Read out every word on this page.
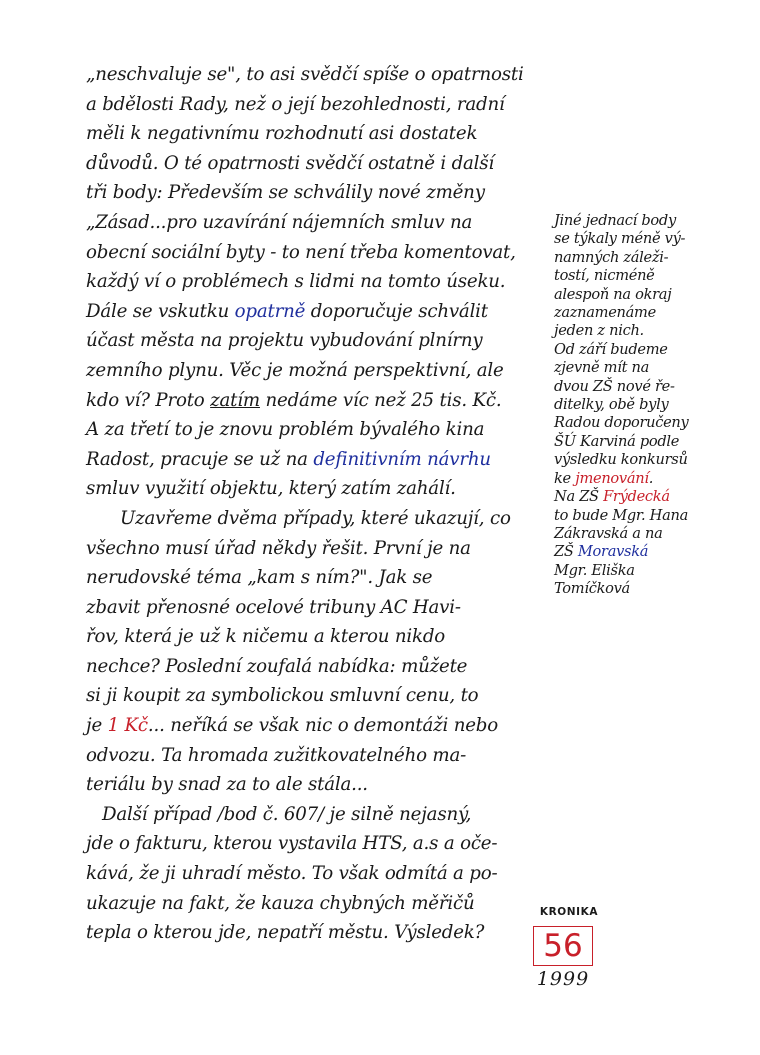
„neschvaluje se", to asi svědčí spíše o opatrnosti
a bdělosti Rady, než o její bezohlednosti, radní
měli k negativnímu rozhodnutí asi dostatek
důvodů. O té opatrnosti svědčí ostatně i další
tři body: Především se schválily nové změny
„Zásad...pro uzavírání nájemních smluv na
obecní sociální byty - to není třeba komentovat,
každý ví o problémech s lidmi na tomto úseku.
Dále se vskutku opatrně doporučuje schválit
účast města na projektu vybudování plnírny
zemního plynu. Věc je možná perspektivní, ale
kdo ví? Proto zatím nedáme víc než 25 tis. Kč.
A za třetí to je znovu problém bývalého kina
Radost, pracuje se už na definitivním návrhu
smluv využití objektu, který zatím zahálí.
Uzavřeme dvěma případy, které ukazují, co
všechno musí úřad někdy řešit. První je na
nerudovské téma „kam s ním?". Jak se
zbavit přenosné ocelové tribuny AC Havi-
řov, která je už k ničemu a kterou nikdo
nechce? Poslední zoufalá nabídka: můžete
si ji koupit za symbolickou smluvní cenu, to
je 1 Kč... neříká se však nic o demontáži nebo
odvozu. Ta hromada zužitkovatelného ma-
teriálu by snad za to ale stála...
Další případ /bod č. 607/ je silně nejasný,
jde o fakturu, kterou vystavila HTS, a.s a oče-
kává, že ji uhradí město. To však odmítá a po-
ukazuje na fakt, že kauza chybných měřičů
tepla o kterou jde, nepatří městu. Výsledek?
Jiné jednací body
se týkaly méně vý-
namných záleži-
tostí, nicméně
alespoň na okraj
zaznamenáme
jeden z nich.
Od září budeme
zjevně mít na
dvou ZŠ nové ře-
ditelky, obě byly
Radou doporučeny
ŠÚ Karviná podle
výsledku konkursů
ke jmenování.
Na ZŠ Frýdecká
to bude Mgr. Hana
Zákravská a na
ZŠ Moravská
Mgr. Eliška
Tomíčková
KRONIKA
56
1999
